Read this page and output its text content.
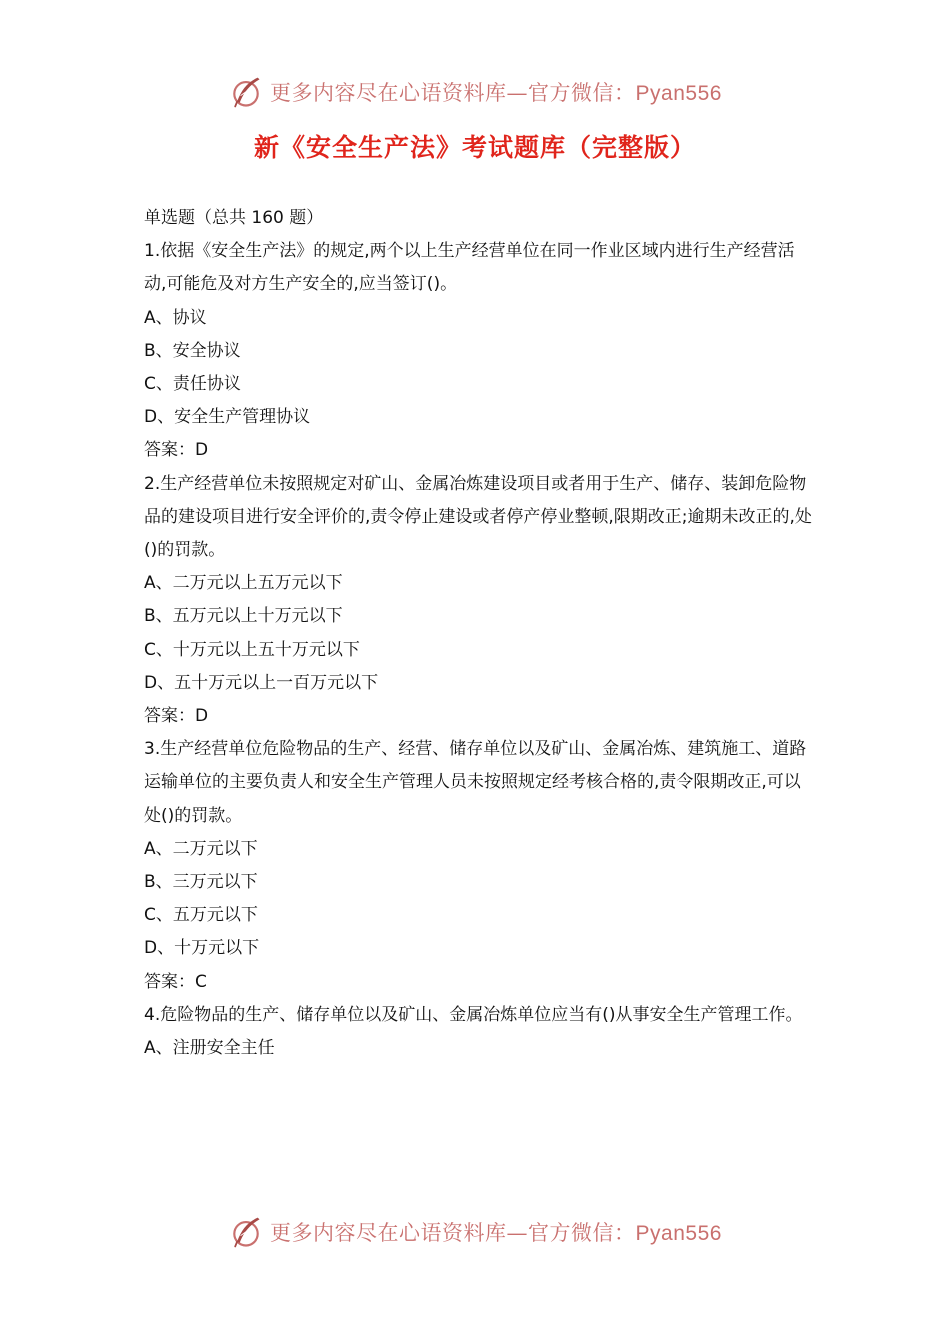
更多内容尽在心语资料库—官方微信：Pyan556
新《安全生产法》考试题库（完整版）

单选题（总共 160 题）

1.依据《安全生产法》的规定,两个以上生产经营单位在同一作业区域内进行生产经营活动,可能危及对方生产安全的,应当签订()。

A、协议

B、安全协议

C、责任协议

D、安全生产管理协议

答案：D

2.生产经营单位未按照规定对矿山、金属冶炼建设项目或者用于生产、储存、装卸危险物品的建设项目进行安全评价的,责令停止建设或者停产停业整顿,限期改正;逾期未改正的,处()的罚款。

A、二万元以上五万元以下

B、五万元以上十万元以下

C、十万元以上五十万元以下

D、五十万元以上一百万元以下

答案：D

3.生产经营单位危险物品的生产、经营、储存单位以及矿山、金属冶炼、建筑施工、道路运输单位的主要负责人和安全生产管理人员未按照规定经考核合格的,责令限期改正,可以处()的罚款。

A、二万元以下

B、三万元以下

C、五万元以下

D、十万元以下

答案：C

4.危险物品的生产、储存单位以及矿山、金属冶炼单位应当有()从事安全生产管理工作。

A、注册安全主任

更多内容尽在心语资料库—官方微信：Pyan556
